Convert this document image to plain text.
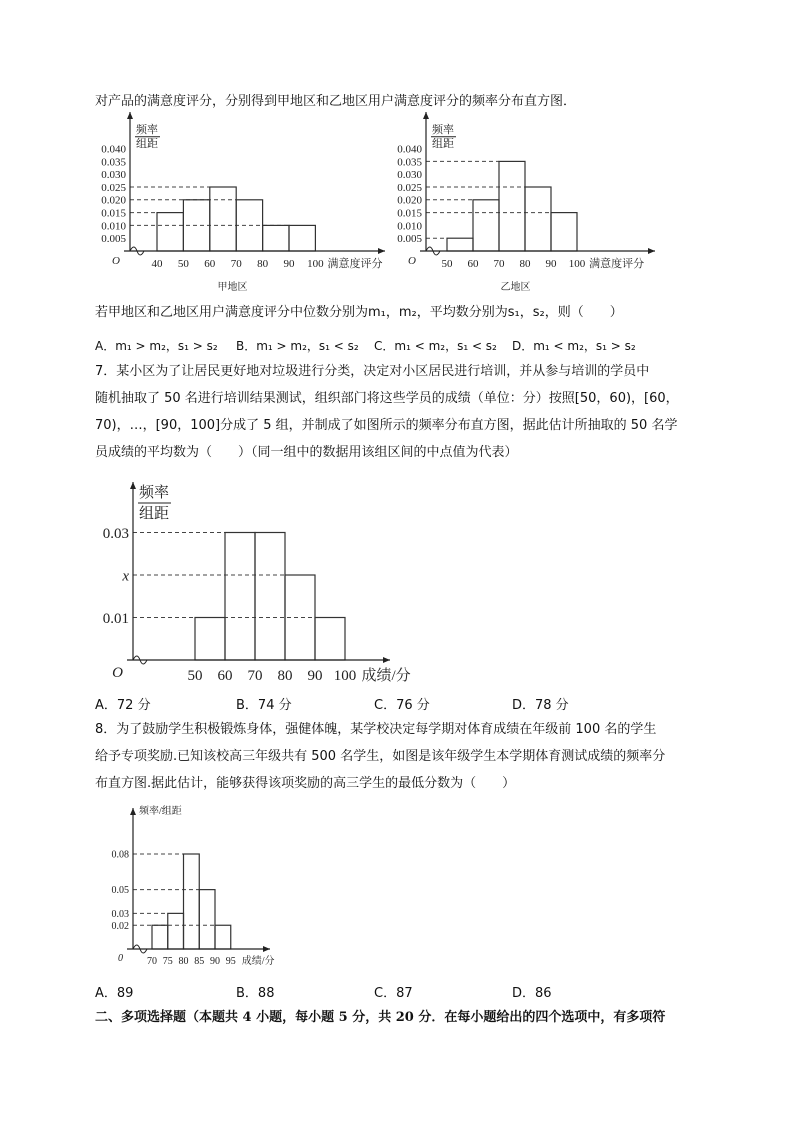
对产品的满意度评分，分别得到甲地区和乙地区用户满意度评分的频率分布直方图．
0.005
0.010
0.015
0.020
0.025
0.030
0.035
0.040
40 50 60 70 80 90 100 满意度评分
O
频率
组距
甲地区
0.005
0.010
0.015
0.020
0.025
0.030
0.035
0.040
50 60 70 80 90 100 满意度评分
O
频率
组距
乙地区
0.01
x
0.03
50 60 70 80 90 100 成绩/分
O
频率
组距
0.02
0.03
0.05
0.08
70 75 80 85 90 95 成绩/分
0
频率/组距
若甲地区和乙地区用户满意度评分中位数分别为m₁，m₂，平均数分别为s₁，s₂，则（　　）
A．m₁ > m₂，s₁ > s₂ B．m₁ > m₂，s₁ < s₂ C．m₁ < m₂，s₁ < s₂ D．m₁ < m₂，s₁ > s₂
7．某小区为了让居民更好地对垃圾进行分类，决定对小区居民进行培训，并从参与培训的学员中
随机抽取了 50 名进行培训结果测试，组织部门将这些学员的成绩（单位：分）按照[50，60)，[60，
70)，…，[90，100]分成了 5 组，并制成了如图所示的频率分布直方图，据此估计所抽取的 50 名学
员成绩的平均数为（　　）（同一组中的数据用该组区间的中点值为代表）
A．72 分	B．74 分	C．76 分	D．78 分
8．为了鼓励学生积极锻炼身体，强健体魄，某学校决定每学期对体育成绩在年级前 100 名的学生
给予专项奖励.已知该校高三年级共有 500 名学生，如图是该年级学生本学期体育测试成绩的频率分
布直方图.据此估计，能够获得该项奖励的高三学生的最低分数为（　　）
A．89	B．88	C．87	D．86
二、多项选择题（本题共 4 小题，每小题 5 分，共 20 分．在每小题给出的四个选项中，有多项符
